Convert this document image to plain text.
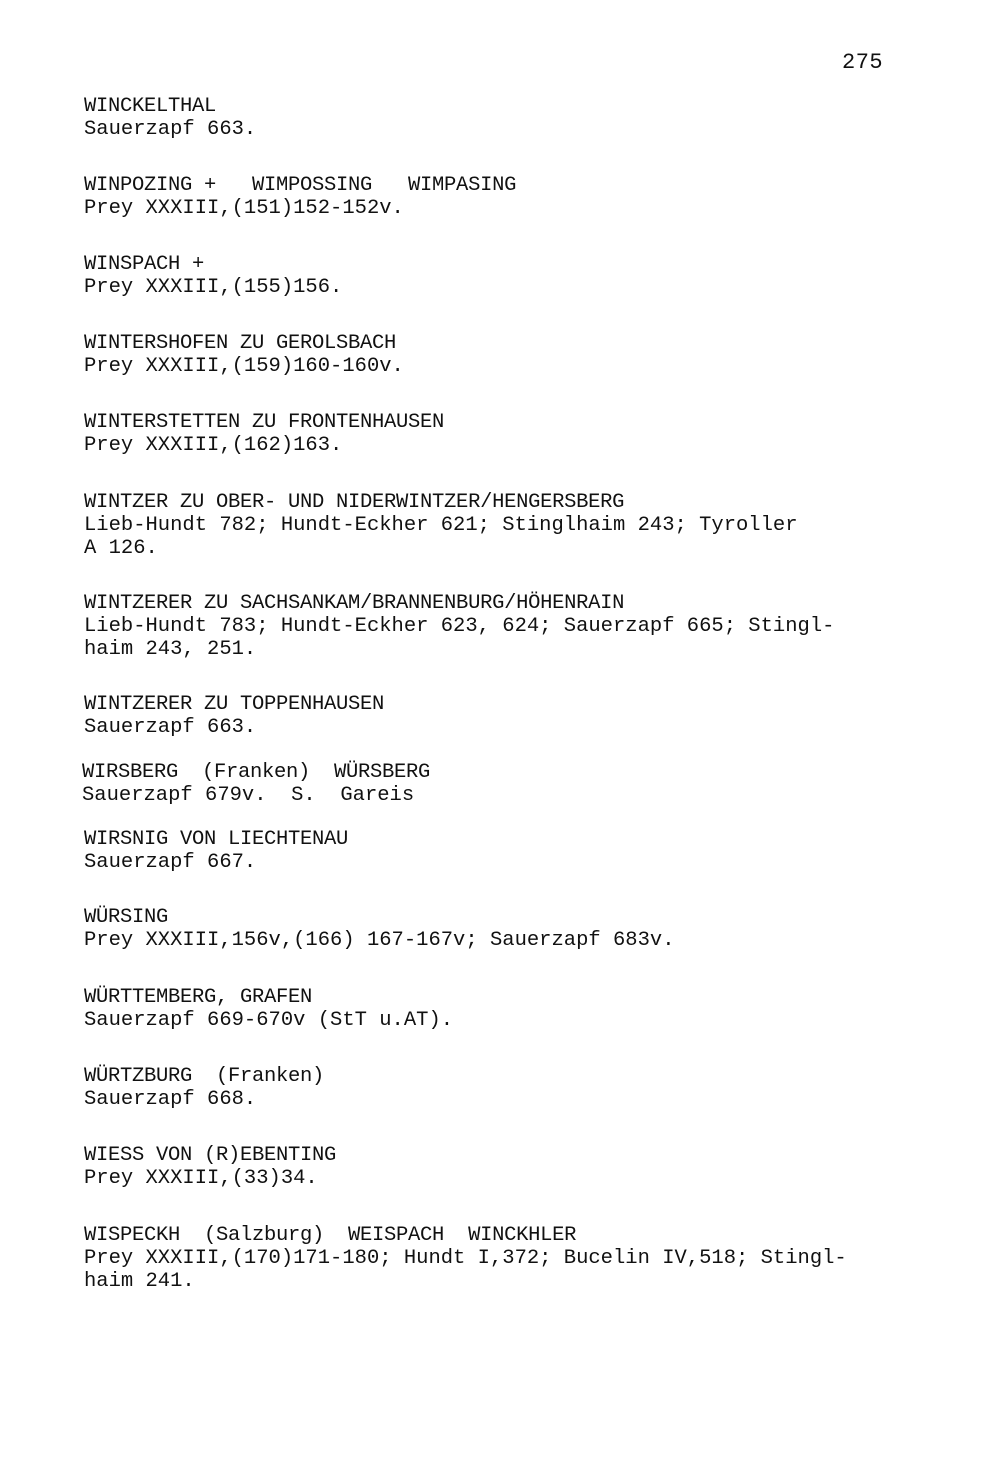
275
WINCKELTHAL
Sauerzapf 663.
WINPOZING +   WIMPOSSING   WIMPASING
Prey XXXIII,(151)152-152v.
WINSPACH +
Prey XXXIII,(155)156.
WINTERSHOFEN ZU GEROLSBACH
Prey XXXIII,(159)160-160v.
WINTERSTETTEN ZU FRONTENHAUSEN
Prey XXXIII,(162)163.
WINTZER ZU OBER- UND NIDERWINTZER/HENGERSBERG
Lieb-Hundt 782; Hundt-Eckher 621; Stinglhaim 243; Tyroller
A 126.
WINTZERER ZU SACHSANKAM/BRANNENBURG/HÖHENRAIN
Lieb-Hundt 783; Hundt-Eckher 623, 624; Sauerzapf 665; Stingl-
haim 243, 251.
WINTZERER ZU TOPPENHAUSEN
Sauerzapf 663.
WIRSBERG  (Franken)  WÜRSBERG
Sauerzapf 679v.  S.  Gareis
WIRSNIG VON LIECHTENAU
Sauerzapf 667.
WÜRSING
Prey XXXIII,156v,(166) 167-167v; Sauerzapf 683v.
WÜRTTEMBERG, GRAFEN
Sauerzapf 669-670v (StT u.AT).
WÜRTZBURG  (Franken)
Sauerzapf 668.
WIESS VON (R)EBENTING
Prey XXXIII,(33)34.
WISPECKH  (Salzburg)  WEISPACH  WINCKHLER
Prey XXXIII,(170)171-180; Hundt I,372; Bucelin IV,518; Stingl-
haim 241.
